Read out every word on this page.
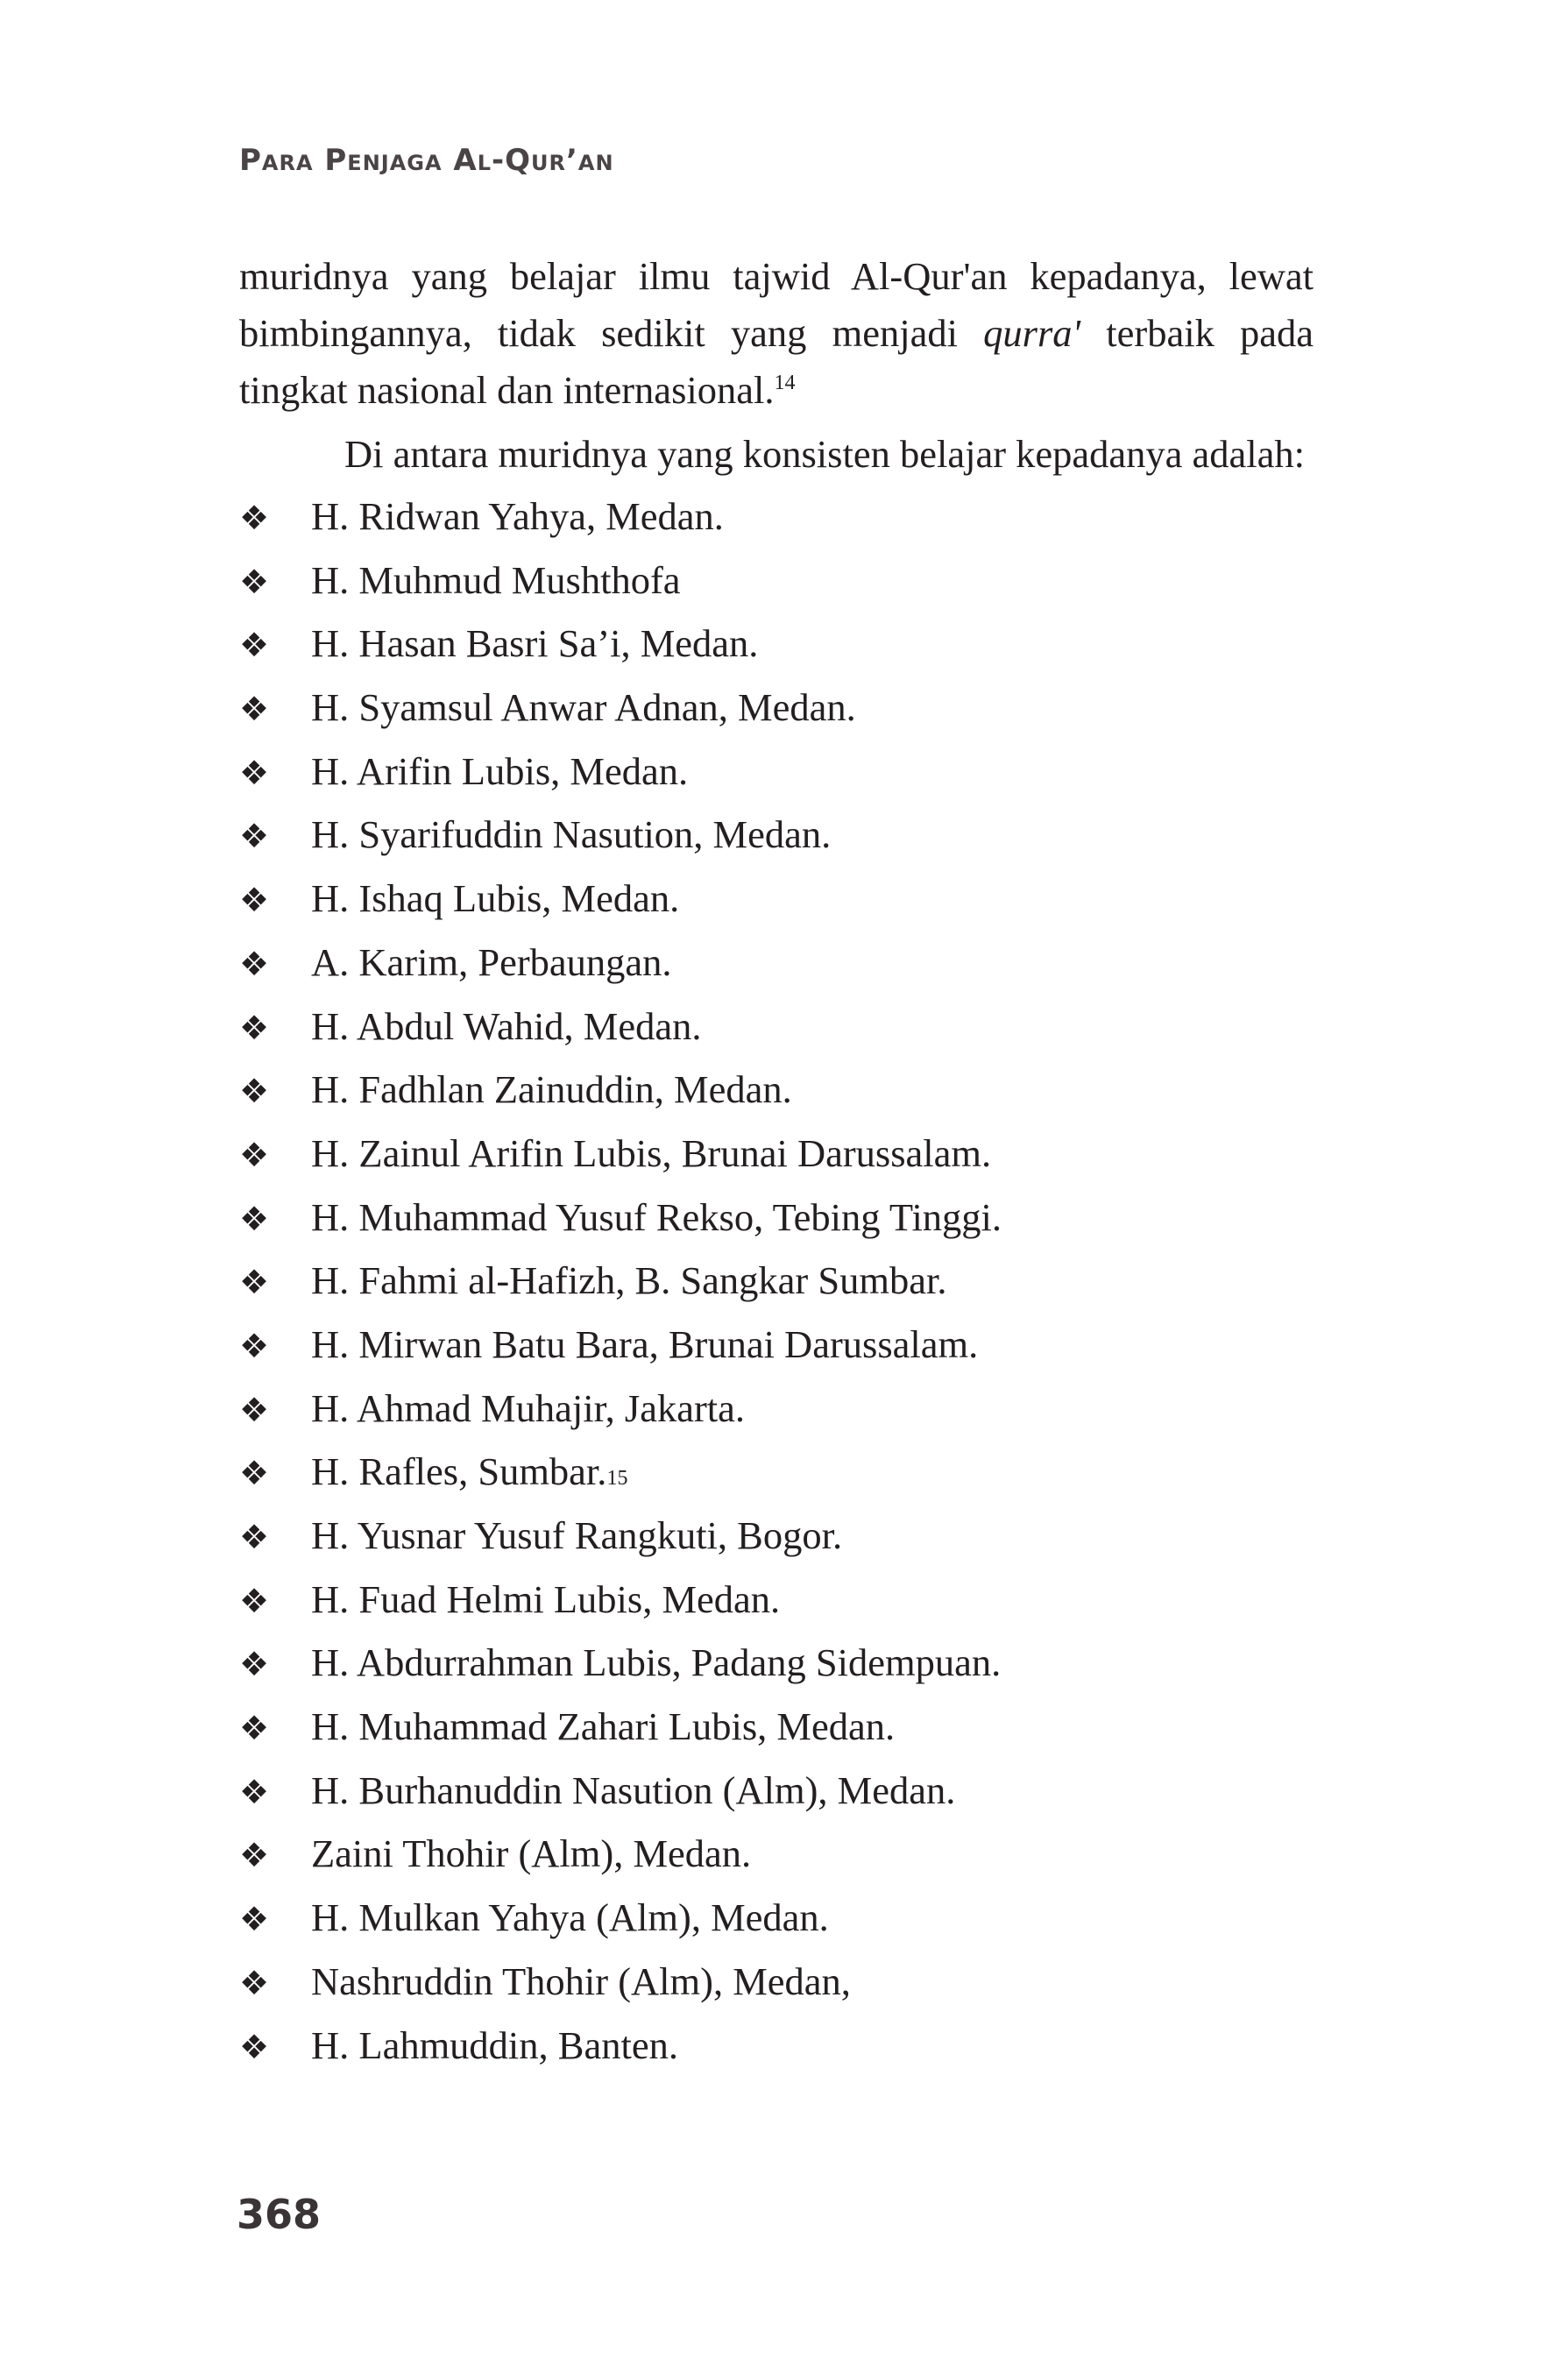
Para Penjaga Al-Qur’an

muridnya yang belajar ilmu tajwid Al-Qur'an kepadanya, lewat bimbingannya, tidak sedikit yang menjadi qurra' terbaik pada tingkat nasional dan internasional.$^{14}$

Di antara muridnya yang konsisten belajar kepadanya adalah:

❖	H. Ridwan Yahya, Medan.
❖	H. Muhmud Mushthofa
❖	H. Hasan Basri Sa’i, Medan.
❖	H. Syamsul Anwar Adnan, Medan.
❖	H. Arifin Lubis, Medan.
❖	H. Syarifuddin Nasution, Medan.
❖	H. Ishaq Lubis, Medan.
❖	A. Karim, Perbaungan.
❖	H. Abdul Wahid, Medan.
❖	H. Fadhlan Zainuddin, Medan.
❖	H. Zainul Arifin Lubis, Brunai Darussalam.
❖	H. Muhammad Yusuf Rekso, Tebing Tinggi.
❖	H. Fahmi al-Hafizh, B. Sangkar Sumbar.
❖	H. Mirwan Batu Bara, Brunai Darussalam.
❖	H. Ahmad Muhajir, Jakarta.
❖	H. Rafles, Sumbar. 15
❖	H. Yusnar Yusuf Rangkuti, Bogor.
❖	H. Fuad Helmi Lubis, Medan.
❖	H. Abdurrahman Lubis, Padang Sidempuan.
❖	H. Muhammad Zahari Lubis, Medan.
❖	H. Burhanuddin Nasution (Alm), Medan.
❖	Zaini Thohir (Alm), Medan.
❖	H. Mulkan Yahya (Alm), Medan.
❖	Nashruddin Thohir (Alm), Medan,
❖	H. Lahmuddin, Banten.
368
